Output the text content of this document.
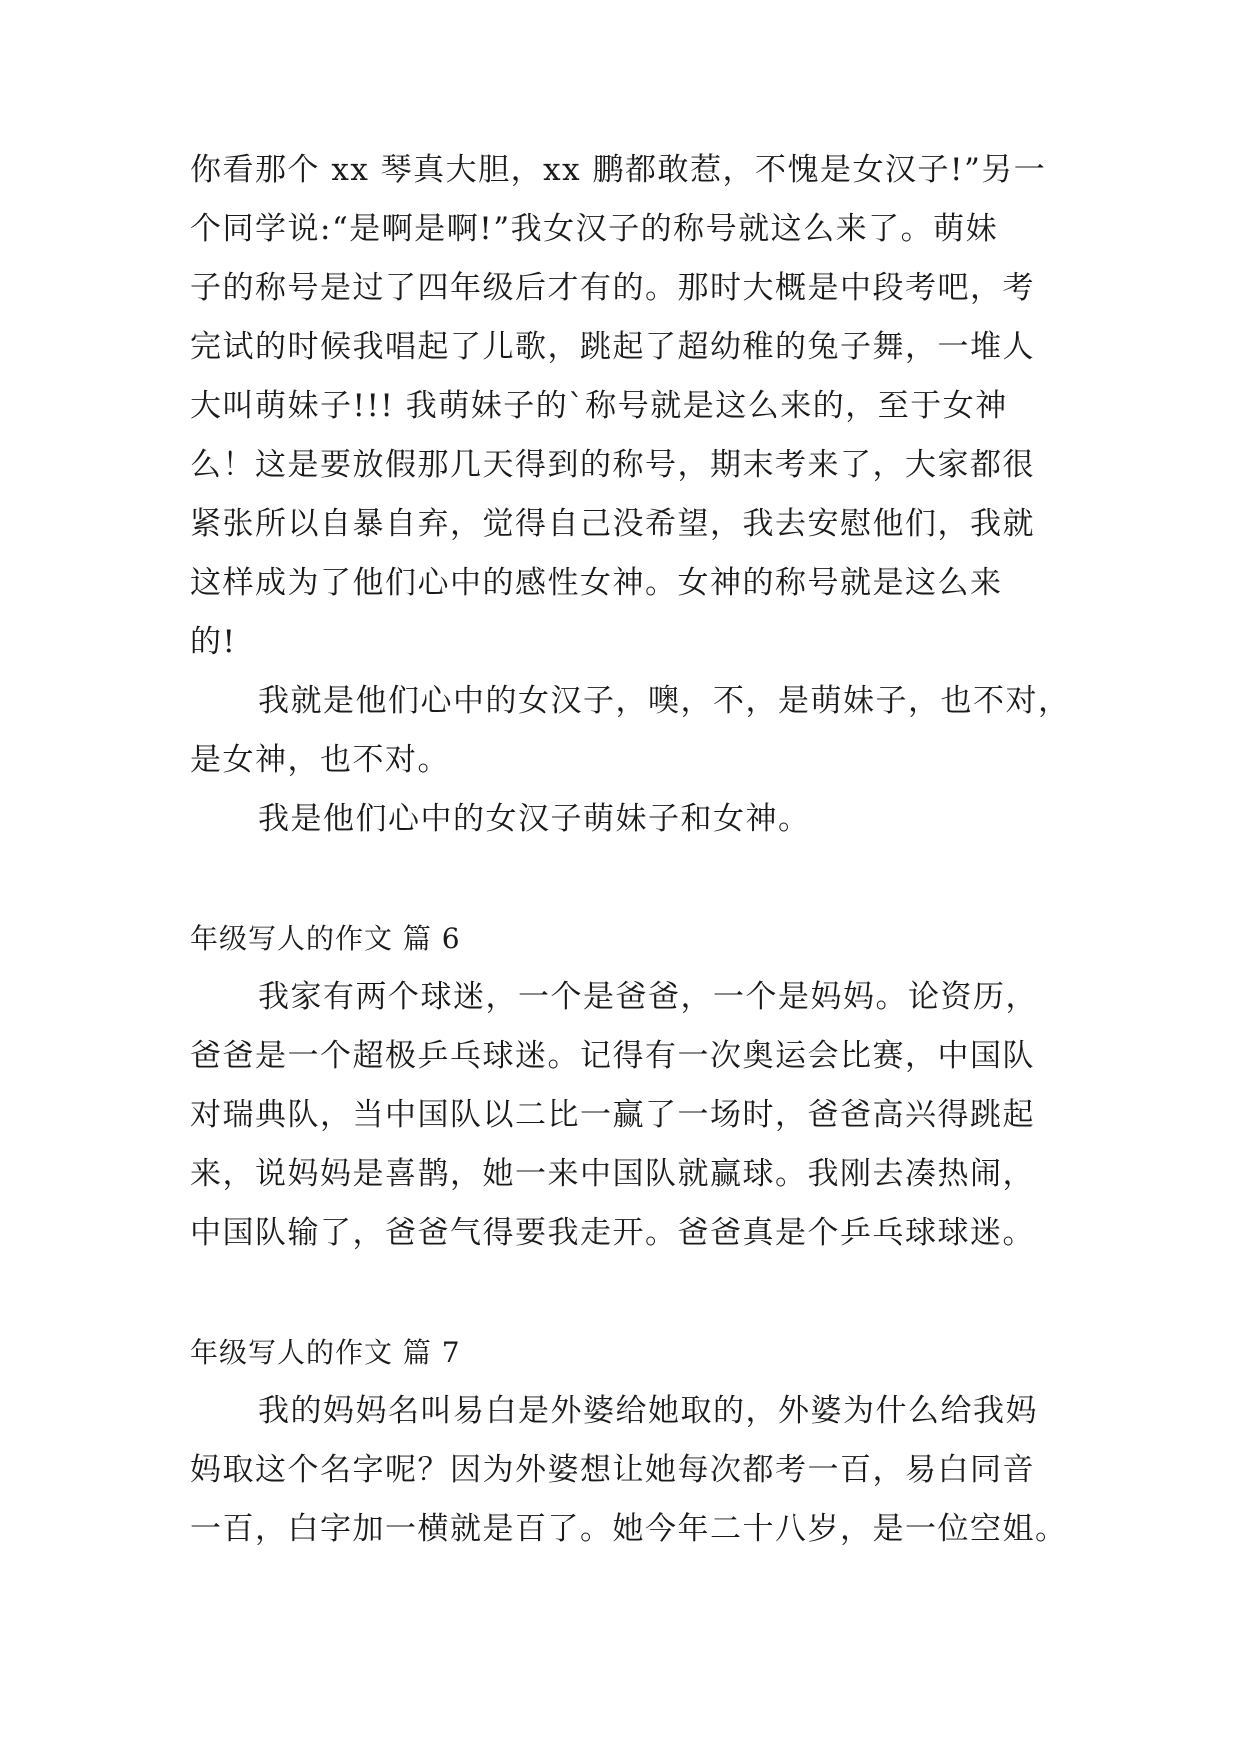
你看那个 xx 琴真大胆，xx 鹏都敢惹，不愧是女汉子!”另一
个同学说:“是啊是啊!”我女汉子的称号就这么来了。萌妹
子的称号是过了四年级后才有的。那时大概是中段考吧，考
完试的时候我唱起了儿歌，跳起了超幼稚的兔子舞，一堆人
大叫萌妹子!!! 我萌妹子的`称号就是这么来的，至于女神
么！这是要放假那几天得到的称号，期末考来了，大家都很
紧张所以自暴自弃，觉得自己没希望，我去安慰他们，我就
这样成为了他们心中的感性女神。女神的称号就是这么来
的!
我就是他们心中的女汉子，噢，不，是萌妹子，也不对，
是女神，也不对。
我是他们心中的女汉子萌妹子和女神。
年级写人的作文 篇 6
我家有两个球迷，一个是爸爸，一个是妈妈。论资历，
爸爸是一个超极乒乓球迷。记得有一次奥运会比赛，中国队
对瑞典队，当中国队以二比一赢了一场时，爸爸高兴得跳起
来，说妈妈是喜鹊，她一来中国队就赢球。我刚去凑热闹，
中国队输了，爸爸气得要我走开。爸爸真是个乒乓球球迷。
年级写人的作文 篇 7
我的妈妈名叫易白是外婆给她取的，外婆为什么给我妈
妈取这个名字呢？因为外婆想让她每次都考一百，易白同音
一百，白字加一横就是百了。她今年二十八岁，是一位空姐。
